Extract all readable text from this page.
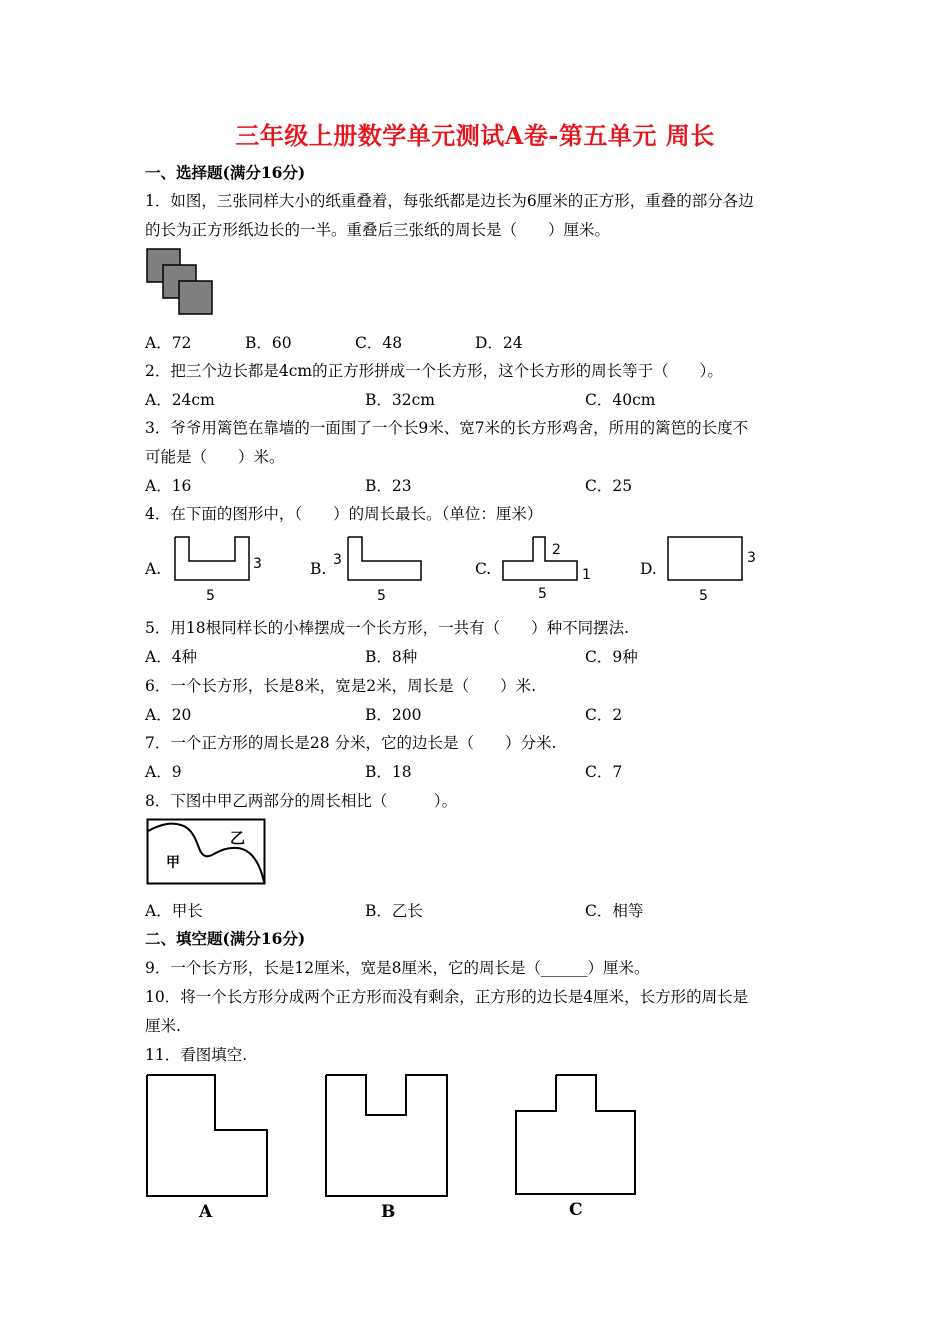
三年级上册数学单元测试A卷-第五单元 周长
一、选择题(满分16分)
1．如图，三张同样大小的纸重叠着，每张纸都是边长为6厘米的正方形，重叠的部分各边
的长为正方形纸边长的一半。重叠后三张纸的周长是（　　）厘米。
A．72	B．60	C．48	D．24
2．把三个边长都是4cm的正方形拼成一个长方形，这个长方形的周长等于（　　）。
A．24cm	B．32cm	C．40cm
3．爷爷用篱笆在靠墙的一面围了一个长9米、宽7米的长方形鸡舍，所用的篱笆的长度不
可能是（　　）米。
A．16	B．23	C．25
4．在下面的图形中，（　　）的周长最长。（单位：厘米）
A.	3
5
B. 3
5
C.
2
1
5
D.
3
5
5．用18根同样长的小棒摆成一个长方形，一共有（　　）种不同摆法.
A．4种	B．8种	C．9种
6．一个长方形，长是8米，宽是2米，周长是（　　）米.
A．20	B．200	C．2
7．一个正方形的周长是28 分米，它的边长是（　　）分米.
A．9	B．18	C．7
8．下图中甲乙两部分的周长相比（　　　）。
乙
甲
A．甲长	B．乙长	C．相等
二、填空题(满分16分)
9．一个长方形，长是12厘米，宽是8厘米，它的周长是（______）厘米。
10．将一个长方形分成两个正方形而没有剩余，正方形的边长是4厘米，长方形的周长是
厘米.
11．看图填空.
A	B	C
